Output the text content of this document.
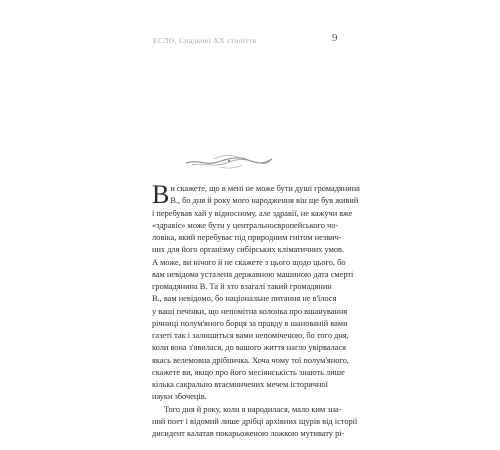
ЕСЛО. Спадкові ХХ століття	9
В и скажете, що в мені не може бути душі громадянина
В., бо дня й року мого народження він ще був живий
і перебував хай у відносному, але здравії, не кажучи вже
«здравіє» може бути у центральноєвропейського чо-
ловіка, який перебуває під природним гнітом незвич-
них для його організму сибірських кліматичних умов.
А може, ви нічого й не скажете з цього щодо цього, бо
вам невідома усталена державною машиною дата смерті
громадянина В. Та й хто взагалі такий громадянин
В., вам невідомо, бо національне питання не в'їлося
у ваші печінки, що непомітна колонка про вшанування
річниці полум'яного борця за правду в шанованій вами
газеті так і залишиться вами непоміченою, бо того дня,
коли вона з'явилася, до вашого життя нагло увірвалася
якась велемовна дрібничка. Хоча чому тої полум'яного,
скажете ви, якщо про його месіянськість знають лише
кілька сакрально втаємничених мечем історичної
науки збочеців.
Того дня й року, коли я народилася, мало ким зна-
ний поет і відомий лише дрібці архівних щурів від історії
дисидент калатав покарьоженою ложкою мутивату рі-
